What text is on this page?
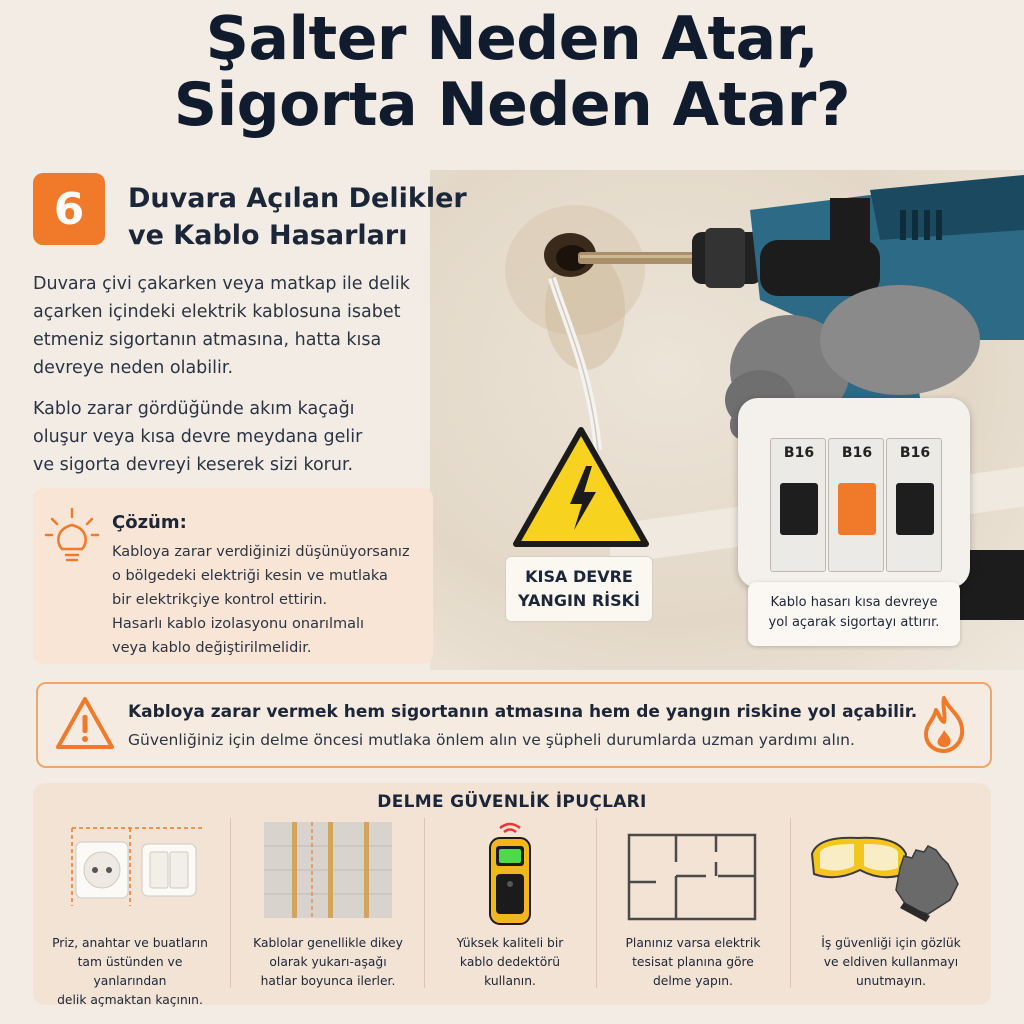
Şalter Neden Atar,
Sigorta Neden Atar?
6	Duvara Açılan Delikler
ve Kablo Hasarları
Duvara çivi çakarken veya matkap ile delik
açarken içindeki elektrik kablosuna isabet
etmeniz sigortanın atmasına, hatta kısa
devreye neden olabilir.
Kablo zarar gördüğünde akım kaçağı
oluşur veya kısa devre meydana gelir
ve sigorta devreyi keserek sizi korur.
Çözüm:
Kabloya zarar verdiğinizi düşünüyorsanız
o bölgedeki elektriği kesin ve mutlaka
bir elektrikçiye kontrol ettirin.
Hasarlı kablo izolasyonu onarılmalı
veya kablo değiştirilmelidir.
KISA DEVRE
YANGIN RİSKİ
B16	B16	B16
Kablo hasarı kısa devreye
yol açarak sigortayı attırır.
Kabloya zarar vermek hem sigortanın atmasına hem de yangın riskine yol açabilir.
Güvenliğiniz için delme öncesi mutlaka önlem alın ve şüpheli durumlarda uzman yardımı alın.
DELME GÜVENLİK İPUÇLARI
Priz, anahtar ve buatların
tam üstünden ve yanlarından
delik açmaktan kaçının.
Kablolar genellikle dikey
olarak yukarı-aşağı
hatlar boyunca ilerler.
Yüksek kaliteli bir
kablo dedektörü
kullanın.
Planınız varsa elektrik
tesisat planına göre
delme yapın.
İş güvenliği için gözlük
ve eldiven kullanmayı
unutmayın.
